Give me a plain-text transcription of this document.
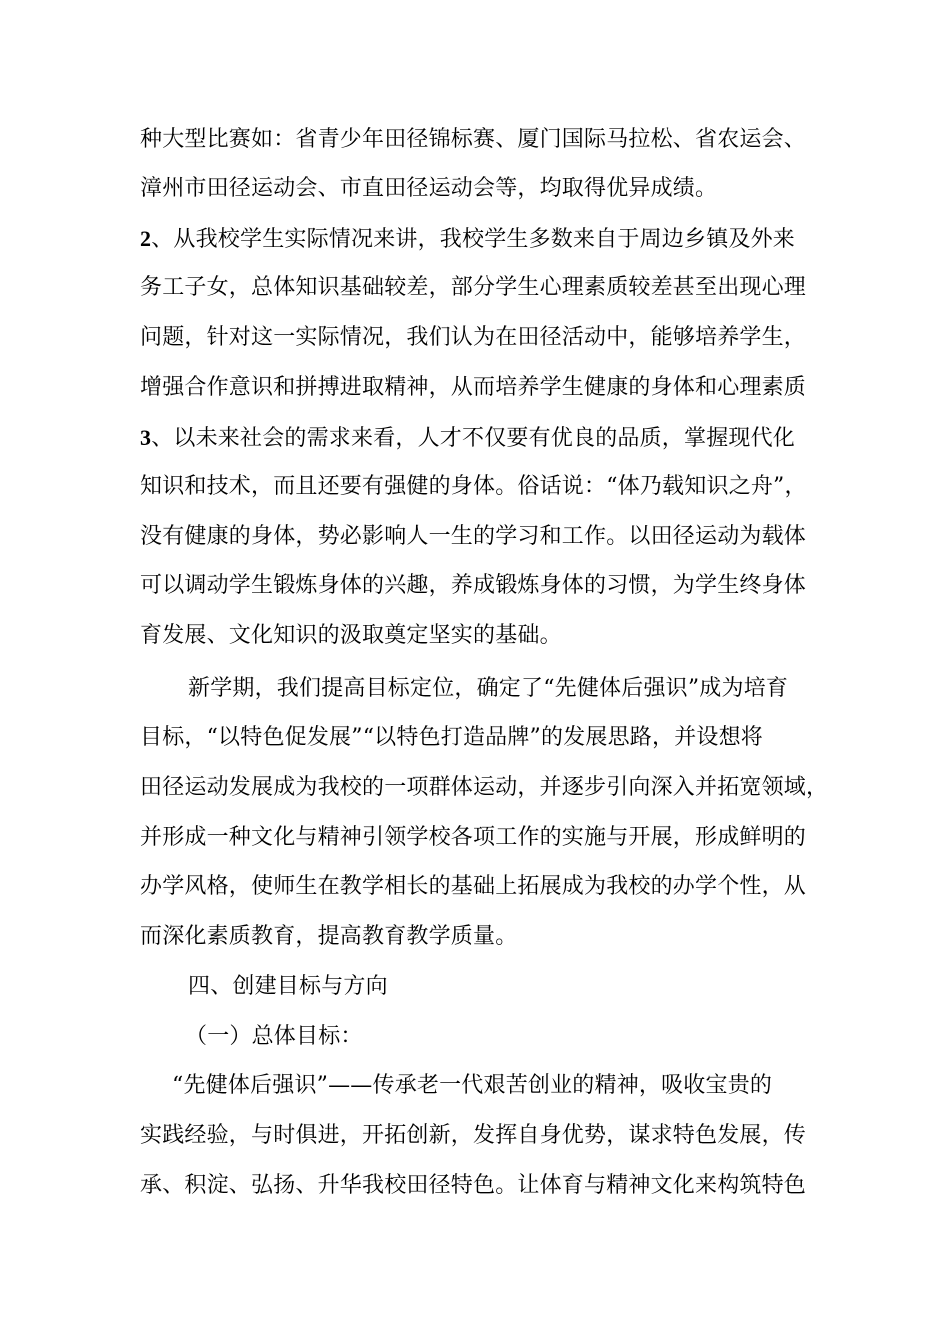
种大型比赛如：省青少年田径锦标赛、厦门国际马拉松、省农运会、
漳州市田径运动会、市直田径运动会等，均取得优异成绩。
2、从我校学生实际情况来讲，我校学生多数来自于周边乡镇及外来
务工子女，总体知识基础较差，部分学生心理素质较差甚至出现心理
问题，针对这一实际情况，我们认为在田径活动中，能够培养学生，
增强合作意识和拼搏进取精神，从而培养学生健康的身体和心理素质
3、以未来社会的需求来看，人才不仅要有优良的品质，掌握现代化
知识和技术，而且还要有强健的身体。俗话说：“体乃载知识之舟”，
没有健康的身体，势必影响人一生的学习和工作。以田径运动为载体
可以调动学生锻炼身体的兴趣，养成锻炼身体的习惯，为学生终身体
育发展、文化知识的汲取奠定坚实的基础。
新学期，我们提高目标定位，确定了“先健体后强识”成为培育
目标，“以特色促发展”“以特色打造品牌”的发展思路，并设想将
田径运动发展成为我校的一项群体运动，并逐步引向深入并拓宽领域，
并形成一种文化与精神引领学校各项工作的实施与开展，形成鲜明的
办学风格，使师生在教学相长的基础上拓展成为我校的办学个性，从
而深化素质教育，提高教育教学质量。
四、创建目标与方向
（一）总体目标：
“先健体后强识”——传承老一代艰苦创业的精神，吸收宝贵的
实践经验，与时俱进，开拓创新，发挥自身优势，谋求特色发展，传
承、积淀、弘扬、升华我校田径特色。让体育与精神文化来构筑特色
